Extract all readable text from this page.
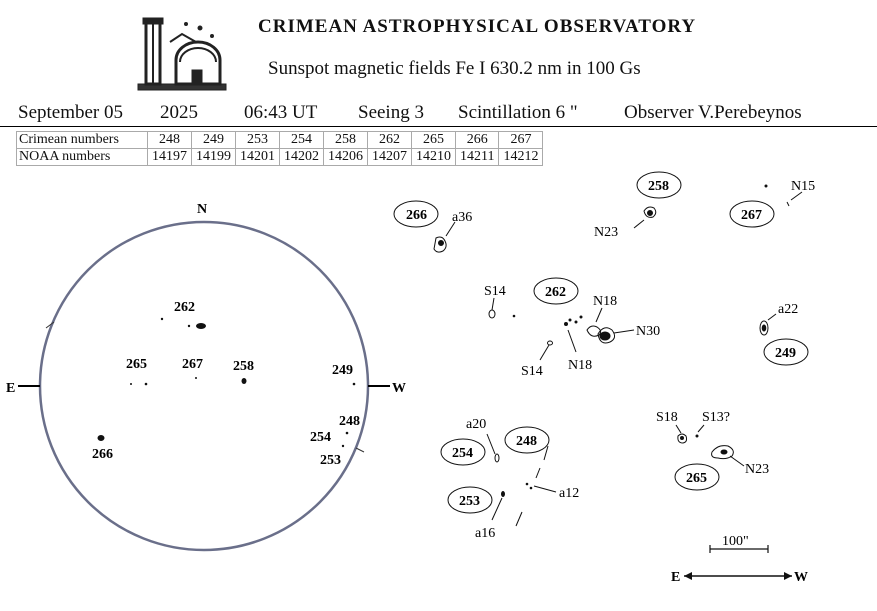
CRIMEAN ASTROPHYSICAL OBSERVATORY
Sunspot magnetic fields Fe I 630.2 nm in 100 Gs
September 05 2025 06:43 UT Seeing 3 Scintillation 6 " Observer V.Perebeynos
Crimean numbers	248	249	253	254	258	262	265	266	267
NOAA numbers	14197	14199	14201	14202	14206	14207	14210	14211	14212
N
E	W
262
265	267 258	249
248
254
253
266
266 a36
258
N23
267
N15
S14	262
N18
N30
S14 N18
a22
249
a20
248
254
a12
253
a16
S18 S13?
N23
265
100"
E	W
